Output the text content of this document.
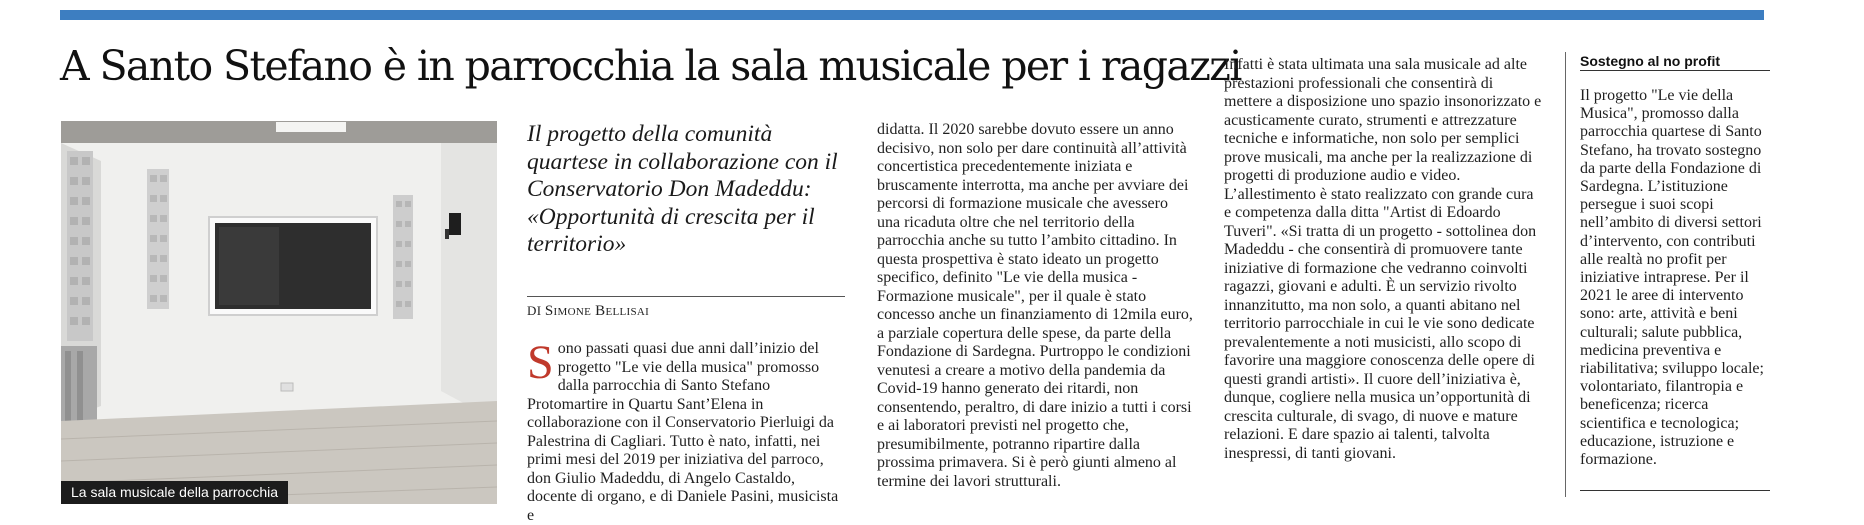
A Santo Stefano è in parrocchia la sala musicale per i ragazzi
La sala musicale della parrocchia
Il progetto della comunità quartese in collaborazione con il Conservatorio Don Madeddu: «Opportunità di crescita per il territorio»
DI Simone Bellisai

Sono passati quasi due anni dall’inizio del progetto "Le vie della musica" promosso dalla parrocchia di Santo Stefano Protomartire in Quartu Sant’Elena in collaborazione con il Conservatorio Pierluigi da Palestrina di Cagliari. Tutto è nato, infatti, nei primi mesi del 2019 per iniziativa del parroco, don Giulio Madeddu, di Angelo Castaldo, docente di organo, e di Daniele Pasini, musicista e

didatta. Il 2020 sarebbe dovuto essere un anno decisivo, non solo per dare continuità all’attività concertistica precedentemente iniziata e bruscamente interrotta, ma anche per avviare dei percorsi di formazione musicale che avessero una ricaduta oltre che nel territorio della parrocchia anche su tutto l’ambito cittadino. In questa prospettiva è stato ideato un progetto specifico, definito "Le vie della musica - Formazione musicale", per il quale è stato concesso anche un finanziamento di 12mila euro, a parziale copertura delle spese, da parte della Fondazione di Sardegna. Purtroppo le condizioni venutesi a creare a motivo della pandemia da Covid-19 hanno generato dei ritardi, non consentendo, peraltro, di dare inizio a tutti i corsi e ai laboratori previsti nel progetto che, presumibilmente, potranno ripartire dalla prossima primavera. Si è però giunti almeno al termine dei lavori strutturali.

Infatti è stata ultimata una sala musicale ad alte prestazioni professionali che consentirà di mettere a disposizione uno spazio insonorizzato e acusticamente curato, strumenti e attrezzature tecniche e informatiche, non solo per semplici prove musicali, ma anche per la realizzazione di progetti di produzione audio e video. L’allestimento è stato realizzato con grande cura e competenza dalla ditta "Artist di Edoardo Tuveri". «Si tratta di un progetto - sottolinea don Madeddu - che consentirà di promuovere tante iniziative di formazione che vedranno coinvolti ragazzi, giovani e adulti. È un servizio rivolto innanzitutto, ma non solo, a quanti abitano nel territorio parrocchiale in cui le vie sono dedicate prevalentemente a noti musicisti, allo scopo di favorire una maggiore conoscenza delle opere di questi grandi artisti». Il cuore dell’iniziativa è, dunque, cogliere nella musica un’opportunità di crescita culturale, di svago, di nuove e mature relazioni. E dare spazio ai talenti, talvolta inespressi, di tanti giovani.

Sostegno al no profit

Il progetto "Le vie della Musica", promosso dalla parrocchia quartese di Santo Stefano, ha trovato sostegno da parte della Fondazione di Sardegna. L’istituzione persegue i suoi scopi nell’ambito di diversi settori d’intervento, con contributi alle realtà no profit per iniziative intraprese. Per il 2021 le aree di intervento sono: arte, attività e beni culturali; salute pubblica, medicina preventiva e riabilitativa; sviluppo locale; volontariato, filantropia e beneficenza; ricerca scientifica e tecnologica; educazione, istruzione e formazione.
